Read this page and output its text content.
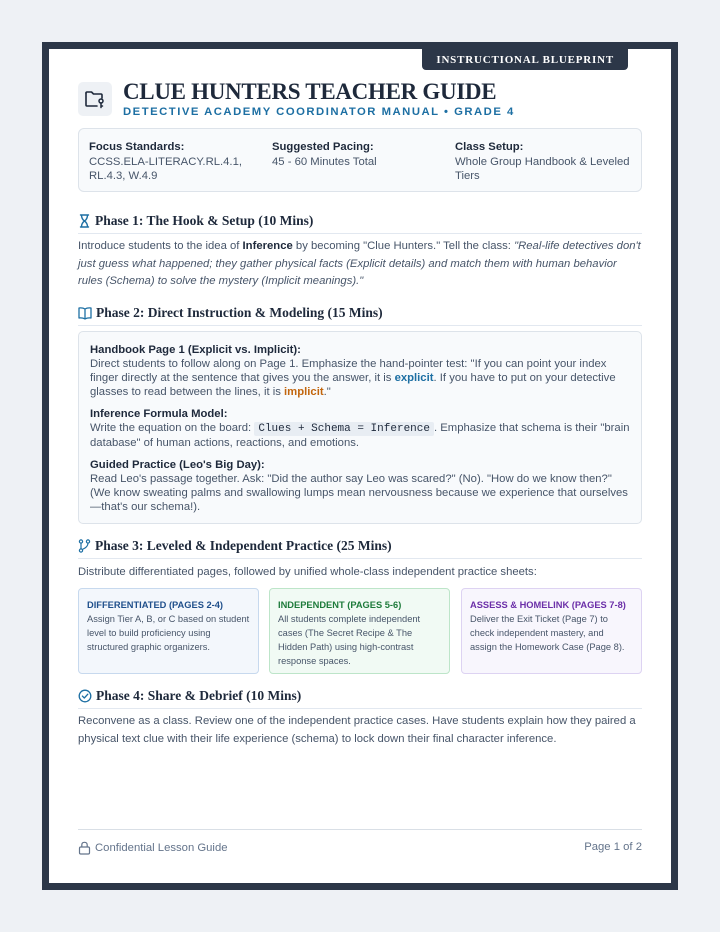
INSTRUCTIONAL BLUEPRINT
CLUE HUNTERS TEACHER GUIDE
DETECTIVE ACADEMY COORDINATOR MANUAL • GRADE 4
Focus Standards:
CCSS.ELA-LITERACY.RL.4.1, RL.4.3, W.4.9
Suggested Pacing:
45 - 60 Minutes Total
Class Setup:
Whole Group Handbook & Leveled Tiers
Phase 1: The Hook & Setup (10 Mins)
Introduce students to the idea of Inference by becoming "Clue Hunters." Tell the class: "Real-life detectives don't just guess what happened; they gather physical facts (Explicit details) and match them with human behavior rules (Schema) to solve the mystery (Implicit meanings)."
Phase 2: Direct Instruction & Modeling (15 Mins)
Handbook Page 1 (Explicit vs. Implicit):
Direct students to follow along on Page 1. Emphasize the hand-pointer test: "If you can point your index finger directly at the sentence that gives you the answer, it is explicit. If you have to put on your detective glasses to read between the lines, it is implicit."
Inference Formula Model:
Write the equation on the board: Clues + Schema = Inference . Emphasize that schema is their "brain database" of human actions, reactions, and emotions.
Guided Practice (Leo's Big Day):
Read Leo's passage together. Ask: "Did the author say Leo was scared?" (No). "How do we know then?" (We know sweating palms and swallowing lumps mean nervousness because we experience that ourselves—that's our schema!).
Phase 3: Leveled & Independent Practice (25 Mins)
Distribute differentiated pages, followed by unified whole-class independent practice sheets:
DIFFERENTIATED (PAGES 2-4)
Assign Tier A, B, or C based on student level to build proficiency using structured graphic organizers.
INDEPENDENT (PAGES 5-6)
All students complete independent cases (The Secret Recipe & The Hidden Path) using high-contrast response spaces.
ASSESS & HOMELINK (PAGES 7-8)
Deliver the Exit Ticket (Page 7) to check independent mastery, and assign the Homework Case (Page 8).
Phase 4: Share & Debrief (10 Mins)
Reconvene as a class. Review one of the independent practice cases. Have students explain how they paired a physical text clue with their life experience (schema) to lock down their final character inference.
Confidential Lesson Guide	Page 1 of 2
